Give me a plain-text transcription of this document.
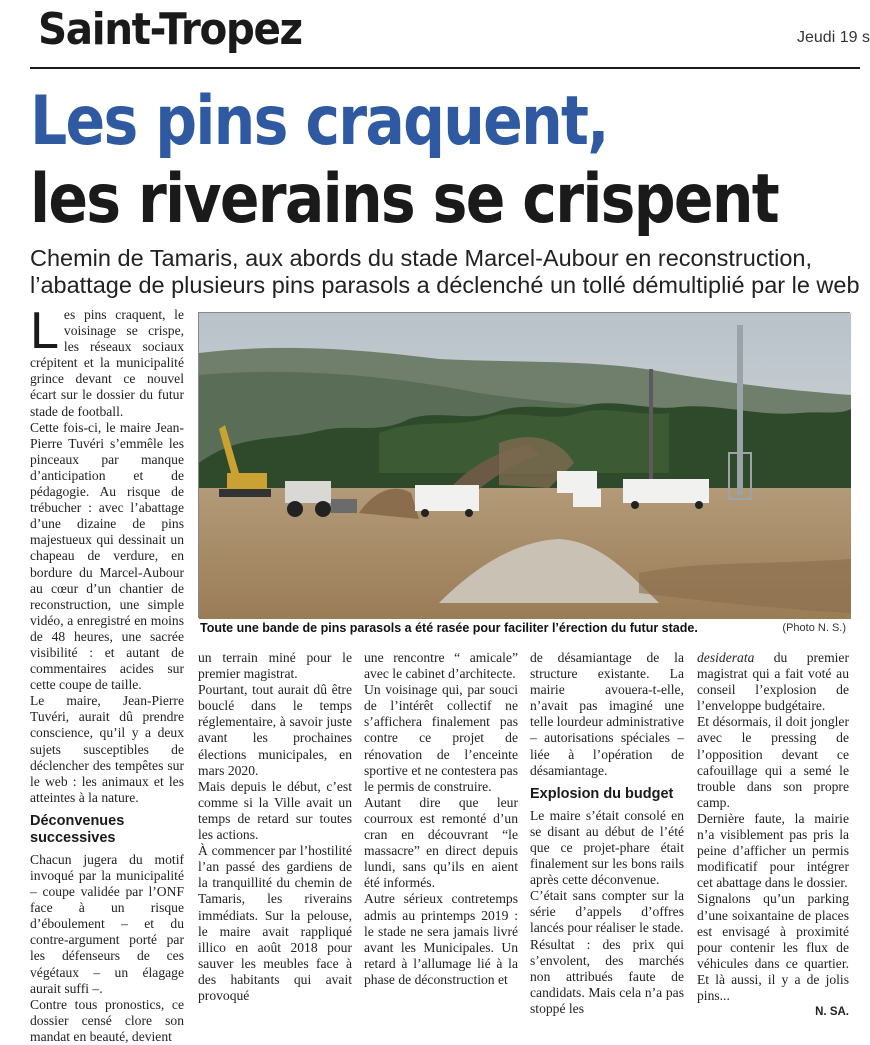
Saint-Tropez	Jeudi 19 s
Les pins craquent,
les riverains se crispent
Chemin de Tamaris, aux abords du stade Marcel-Aubour en reconstruction,
l’abattage de plusieurs pins parasols a déclenché un tollé démultiplié par le web
Toute une bande de pins parasols a été rasée pour faciliter l’érection du futur stade.	(Photo N. S.)

Les pins craquent, le voisinage se crispe, les réseaux sociaux crépitent et la municipalité grince devant ce nouvel écart sur le dossier du futur stade de football.

Cette fois-ci, le maire Jean-Pierre Tuvéri s’emmêle les pinceaux par manque d’anticipation et de pédagogie. Au risque de trébucher : avec l’abattage d’une dizaine de pins majestueux qui dessinait un chapeau de verdure, en bordure du Marcel-Aubour au cœur d’un chantier de reconstruction, une simple vidéo, a enregistré en moins de 48 heures, une sacrée visibilité : et autant de commentaires acides sur cette coupe de taille.

Le maire, Jean-Pierre Tuvéri, aurait dû prendre conscience, qu’il y a deux sujets susceptibles de déclencher des tempêtes sur le web : les animaux et les atteintes à la nature.

Déconvenues successives

Chacun jugera du motif invoqué par la municipalité – coupe validée par l’ONF face à un risque d’éboulement – et du contre-argument porté par les défenseurs de ces végétaux – un élagage aurait suffi –.

Contre tous pronostics, ce dossier censé clore son mandat en beauté, devient

un terrain miné pour le premier magistrat.

Pourtant, tout aurait dû être bouclé dans le temps réglementaire, à savoir juste avant les prochaines élections municipales, en mars 2020.

Mais depuis le début, c’est comme si la Ville avait un temps de retard sur toutes les actions.

À commencer par l’hostilité l’an passé des gardiens de la tranquillité du chemin de Tamaris, les riverains immédiats. Sur la pelouse, le maire avait rappliqué illico en août 2018 pour sauver les meubles face à des habitants qui avait provoqué

une rencontre “ amicale” avec le cabinet d’architecte.

Un voisinage qui, par souci de l’intérêt collectif ne s’affichera finalement pas contre ce projet de rénovation de l’enceinte sportive et ne contestera pas le permis de construire.

Autant dire que leur courroux est remonté d’un cran en découvrant “le massacre” en direct depuis lundi, sans qu’ils en aient été informés.

Autre sérieux contretemps admis au printemps 2019 : le stade ne sera jamais livré avant les Municipales. Un retard à l’allumage lié à la phase de déconstruction et

de désamiantage de la structure existante. La mairie avouera-t-elle, n’avait pas imaginé une telle lourdeur administrative – autorisations spéciales – liée à l’opération de désamiantage.

Explosion du budget

Le maire s’était consolé en se disant au début de l’été que ce projet-phare était finalement sur les bons rails après cette déconvenue.

C’était sans compter sur la série d’appels d’offres lancés pour réaliser le stade.

Résultat : des prix qui s’envolent, des marchés non attribués faute de candidats. Mais cela n’a pas stoppé les

desiderata du premier magistrat qui a fait voté au conseil l’explosion de l’enveloppe budgétaire.

Et désormais, il doit jongler avec le pressing de l’opposition devant ce cafouillage qui a semé le trouble dans son propre camp.

Dernière faute, la mairie n’a visiblement pas pris la peine d’afficher un permis modificatif pour intégrer cet abattage dans le dossier.

Signalons qu’un parking d’une soixantaine de places est envisagé à proximité pour contenir les flux de véhicules dans ce quartier. Et là aussi, il y a de jolis pins...

N. SA.
